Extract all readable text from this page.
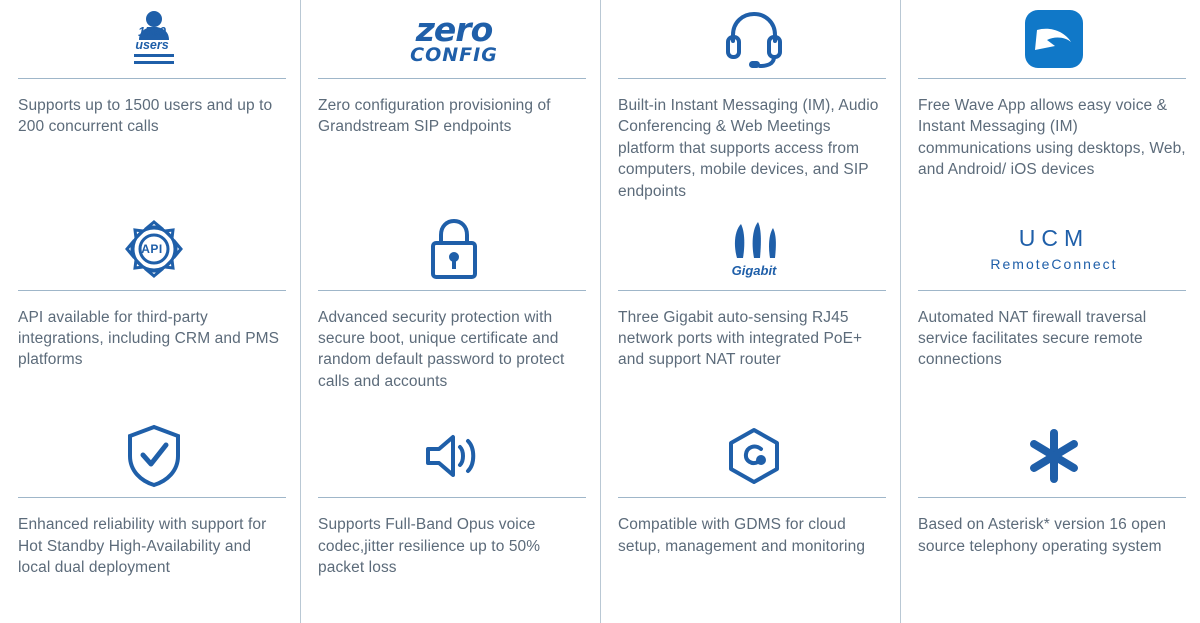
1500
users
Supports up to 1500 users and up to 200 concurrent calls
zero
CONFIG
Zero configuration provisioning of Grandstream SIP endpoints
Built-in Instant Messaging (IM), Audio Conferencing & Web Meetings platform that supports access from computers, mobile devices, and SIP endpoints
Free Wave App allows easy voice & Instant Messaging (IM) communications using desktops, Web, and Android/ iOS devices
API
API available for third-party integrations, including CRM and PMS platforms
Advanced security protection with secure boot, unique certificate and random default password to protect calls and accounts
Gigabit
Three Gigabit auto-sensing RJ45 network ports with integrated PoE+ and support NAT router
UCM
RemoteConnect
Automated NAT firewall traversal service facilitates secure remote connections
Enhanced reliability with support for Hot Standby High-Availability and local dual deployment
Supports Full-Band Opus voice codec,jitter resilience up to 50% packet loss
Compatible with GDMS for cloud setup, management and monitoring
Based on Asterisk* version 16 open source telephony operating system
